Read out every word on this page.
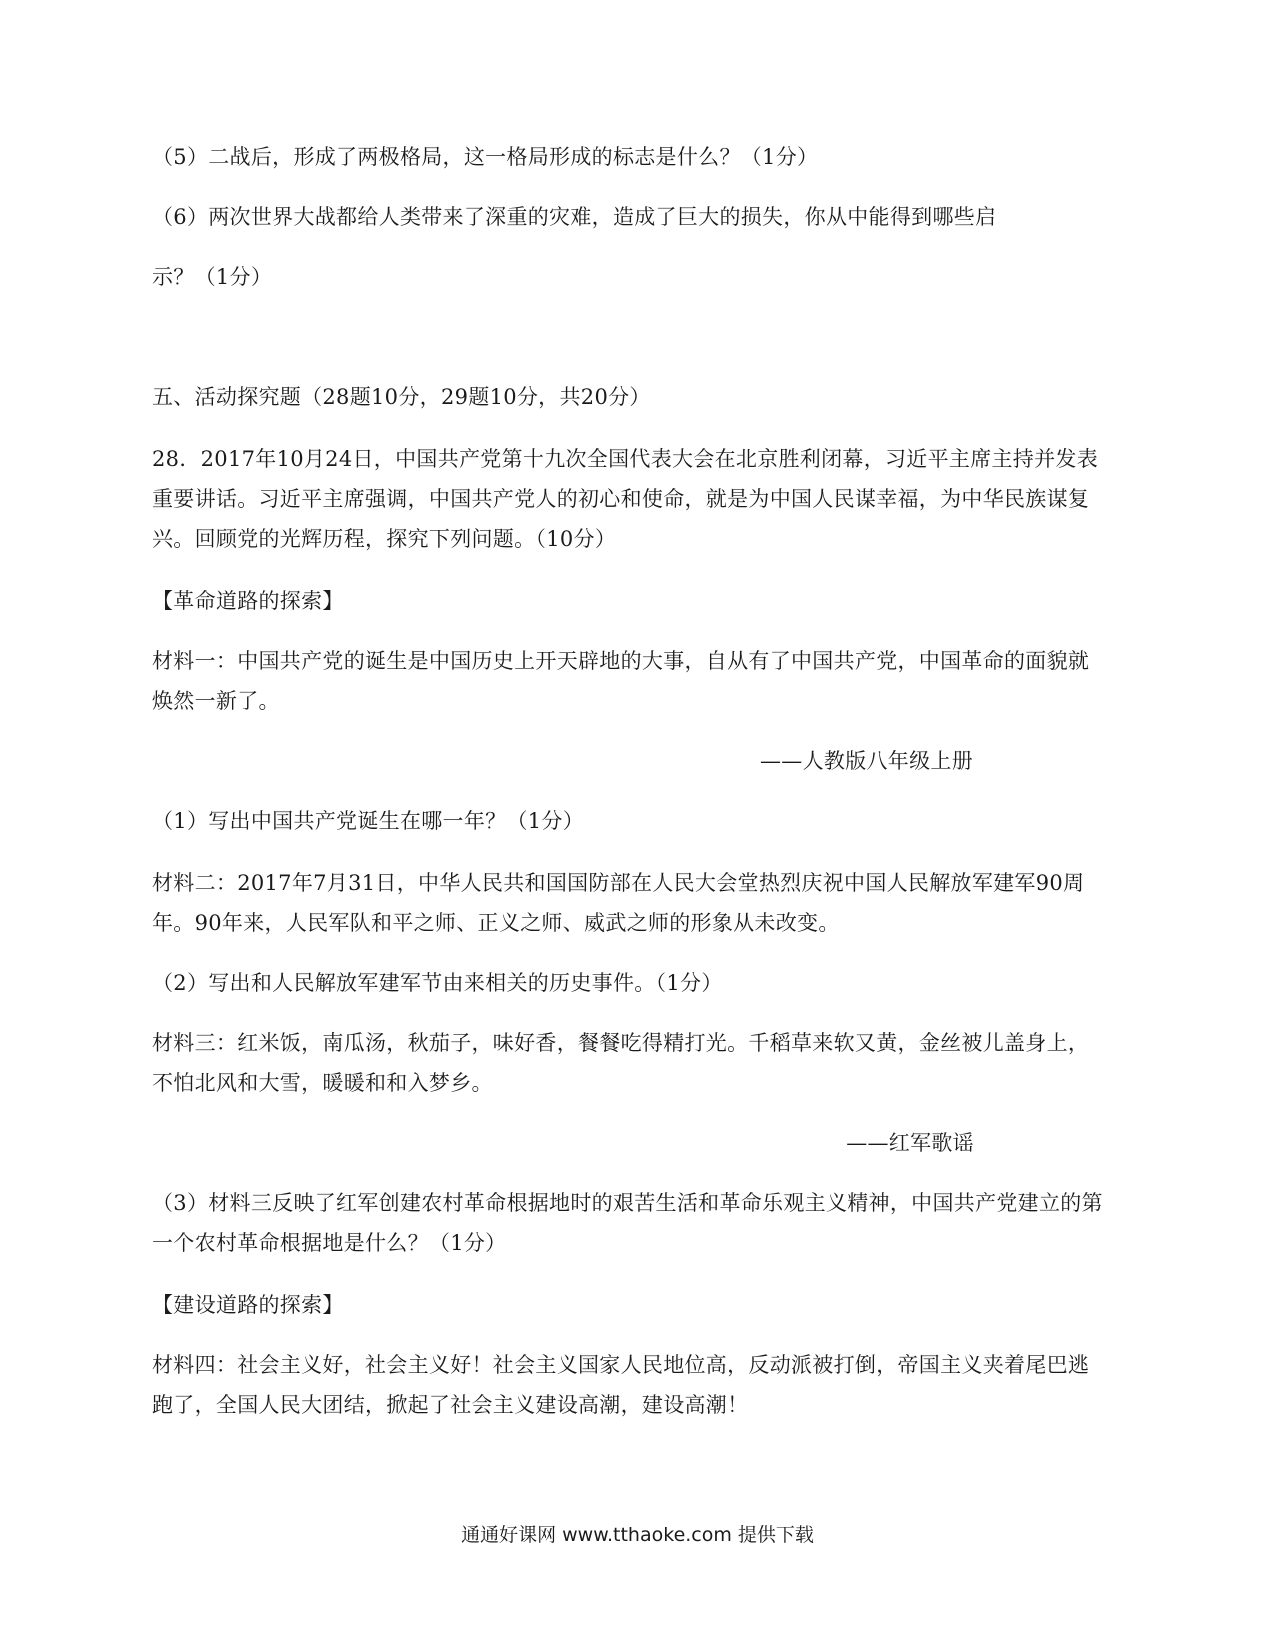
（5）二战后，形成了两极格局，这一格局形成的标志是什么？（1分）
（6）两次世界大战都给人类带来了深重的灾难，造成了巨大的损失，你从中能得到哪些启
示？（1分）
五、活动探究题（28题10分，29题10分，共20分）
28．2017年10月24日，中国共产党第十九次全国代表大会在北京胜利闭幕，习近平主席主持并发表
重要讲话。习近平主席强调，中国共产党人的初心和使命，就是为中国人民谋幸福，为中华民族谋复
兴。回顾党的光辉历程，探究下列问题。（10分）
【革命道路的探索】
材料一：中国共产党的诞生是中国历史上开天辟地的大事，自从有了中国共产党，中国革命的面貌就
焕然一新了。
——人教版八年级上册
（1）写出中国共产党诞生在哪一年？（1分）
材料二：2017年7月31日，中华人民共和国国防部在人民大会堂热烈庆祝中国人民解放军建军90周
年。90年来，人民军队和平之师、正义之师、威武之师的形象从未改变。
（2）写出和人民解放军建军节由来相关的历史事件。（1分）
材料三：红米饭，南瓜汤，秋茄子，味好香，餐餐吃得精打光。千稻草来软又黄，金丝被儿盖身上，
不怕北风和大雪，暖暖和和入梦乡。
——红军歌谣
（3）材料三反映了红军创建农村革命根据地时的艰苦生活和革命乐观主义精神，中国共产党建立的第
一个农村革命根据地是什么？（1分）
【建设道路的探索】
材料四：社会主义好，社会主义好！社会主义国家人民地位高，反动派被打倒，帝国主义夹着尾巴逃
跑了，全国人民大团结，掀起了社会主义建设高潮，建设高潮！
通通好课网 www.tthaoke.com 提供下载
